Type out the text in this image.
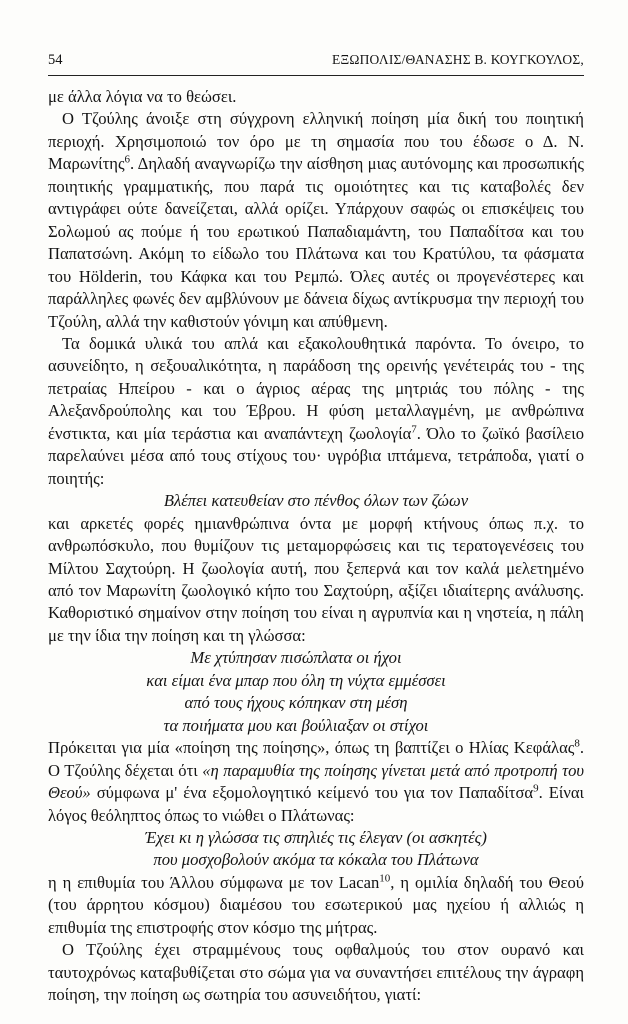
54	ΕΞΩΠΟΛΙΣ/ΘΑΝΑΣΗΣ Β. ΚΟΥΓΚΟΥΛΟΣ,

με άλλα λόγια να το θεώσει.

Ο Τζούλης άνοιξε στη σύγχρονη ελληνική ποίηση μία δική του ποιητική περιοχή. Χρησιμοποιώ τον όρο με τη σημασία που του έδωσε ο Δ. Ν. Μαρωνίτης$^6$. Δηλαδή αναγνωρίζω την αίσθηση μιας αυτόνομης και προσωπικής ποιητικής γραμματικής, που παρά τις ομοιότητες και τις καταβολές δεν αντιγράφει ούτε δανείζεται, αλλά ορίζει. Υπάρχουν σαφώς οι επισκέψεις του Σολωμού ας πούμε ή του ερωτικού Παπαδιαμάντη, του Παπαδίτσα και του Παπατσώνη. Ακόμη το είδωλο του Πλάτωνα και του Κρατύλου, τα φάσματα του Hölderin, του Κάφκα και του Ρεμπώ. Όλες αυτές οι προγενέστερες και παράλληλες φωνές δεν αμβλύνουν με δάνεια δίχως αντίκρυσμα την περιοχή του Τζούλη, αλλά την καθιστούν γόνιμη και απύθμενη.

Τα δομικά υλικά του απλά και εξακολουθητικά παρόντα. Το όνειρο, το ασυνείδητο, η σεξουαλικότητα, η παράδοση της ορεινής γενέτειράς του - της πετραίας Ηπείρου - και ο άγριος αέρας της μητριάς του πόλης - της Αλεξανδρούπολης και του Έβρου. Η φύση μεταλλαγμένη, με ανθρώπινα ένστικτα, και μία τεράστια και αναπάντεχη ζωολογία$^7$. Όλο το ζωϊκό βασίλειο παρελαύνει μέσα από τους στίχους του· υγρόβια ιπτάμενα, τετράποδα, γιατί ο ποιητής:

Βλέπει κατευθείαν στο πένθος όλων των ζώων

και αρκετές φορές ημιανθρώπινα όντα με μορφή κτήνους όπως π.χ. το ανθρωπόσκυλο, που θυμίζουν τις μεταμορφώσεις και τις τερατογενέσεις του Μίλτου Σαχτούρη. Η ζωολογία αυτή, που ξεπερνά και τον καλά μελετημένο από τον Μαρωνίτη ζωολογικό κήπο του Σαχτούρη, αξίζει ιδιαίτερης ανάλυσης. Καθοριστικό σημαίνον στην ποίηση του είναι η αγρυπνία και η νηστεία, η πάλη με την ίδια την ποίηση και τη γλώσσα:

Με χτύπησαν πισώπλατα οι ήχοι

και είμαι ένα μπαρ που όλη τη νύχτα εμμέσσει

από τους ήχους κόπηκαν στη μέση

τα ποιήματα μου και βούλιαξαν οι στίχοι

Πρόκειται για μία «ποίηση της ποίησης», όπως τη βαπτίζει ο Ηλίας Κεφάλας$^8$. Ο Τζούλης δέχεται ότι «η παραμυθία της ποίησης γίνεται μετά από προτροπή του Θεού» σύμφωνα μ' ένα εξομολογητικό κείμενό του για τον Παπαδίτσα$^9$. Είναι λόγος θεόληπτος όπως το νιώθει ο Πλάτωνας:

Έχει κι η γλώσσα τις σπηλιές τις έλεγαν (οι ασκητές)

που μοσχοβολούν ακόμα τα κόκαλα του Πλάτωνα

η η επιθυμία του Άλλου σύμφωνα με τον Lacan$^{10}$, η ομιλία δηλαδή του Θεού (του άρρητου κόσμου) διαμέσου του εσωτερικού μας ηχείου ή αλλιώς η επιθυμία της επιστροφής στον κόσμο της μήτρας.

Ο Τζούλης έχει στραμμένους τους οφθαλμούς του στον ουρανό και ταυτοχρόνως καταβυθίζεται στο σώμα για να συναντήσει επιτέλους την άγραφη ποίηση, την ποίηση ως σωτηρία του ασυνειδήτου, γιατί:
